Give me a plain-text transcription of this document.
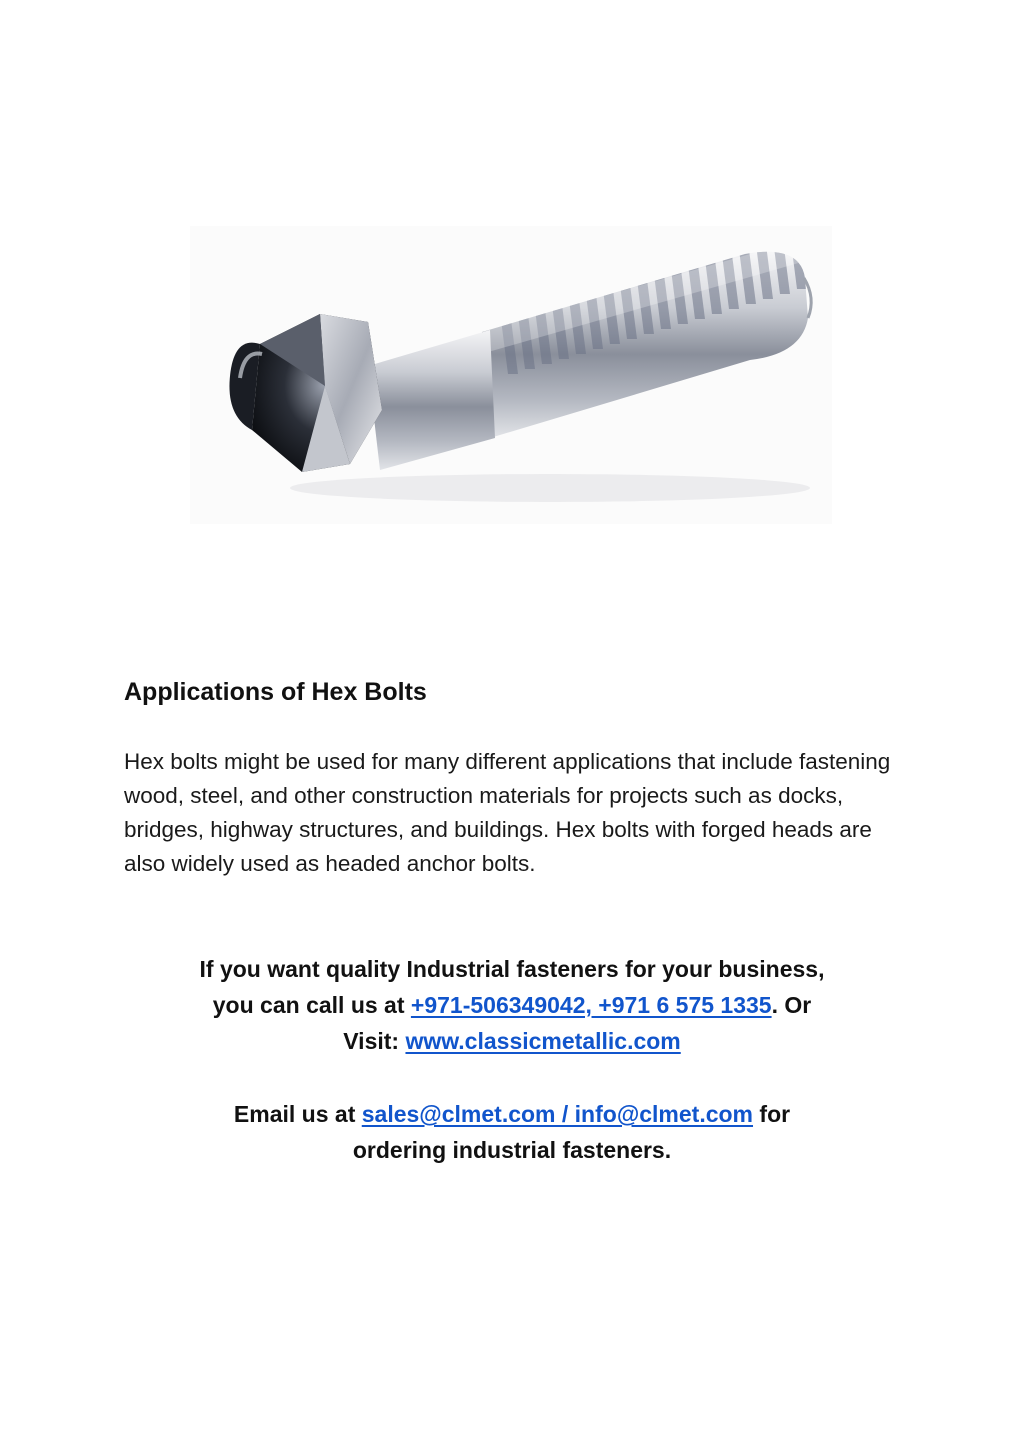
Applications of Hex Bolts

Hex bolts might be used for many different applications that include fastening wood, steel, and other construction materials for projects such as docks, bridges, highway structures, and buildings. Hex bolts with forged heads are also widely used as headed anchor bolts.

If you want quality Industrial fasteners for your business,
you can call us at +971-506349042, +971 6 575 1335. Or
Visit: www.classicmetallic.com

Email us at sales@clmet.com / info@clmet.com for
ordering industrial fasteners.
